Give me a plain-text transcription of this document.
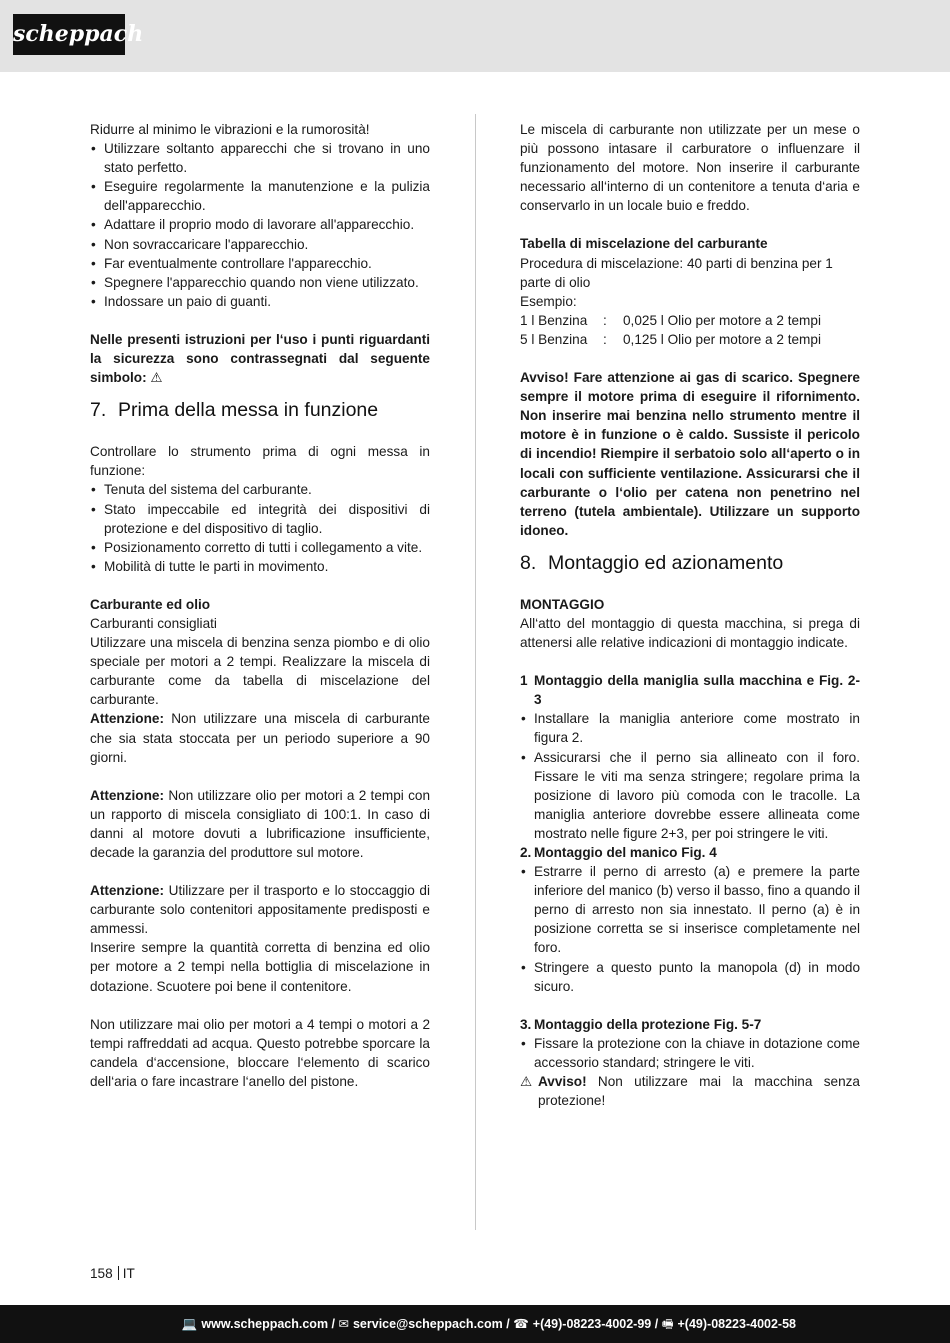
scheppach

Ridurre al minimo le vibrazioni e la rumorosità!

• Utilizzare soltanto apparecchi che si trovano in uno stato perfetto.
• Eseguire regolarmente la manutenzione e la pulizia dell'apparecchio.
• Adattare il proprio modo di lavorare all'apparecchio.
• Non sovraccaricare l'apparecchio.
• Far eventualmente controllare l'apparecchio.
• Spegnere l'apparecchio quando non viene utilizzato.
• Indossare un paio di guanti.

Nelle presenti istruzioni per l‘uso i punti riguardanti la sicurezza sono contrassegnati dal seguente simbolo: ⚠

7. Prima della messa in funzione

Controllare lo strumento prima di ogni messa in funzione:

• Tenuta del sistema del carburante.
• Stato impeccabile ed integrità dei dispositivi di protezione e del dispositivo di taglio.
• Posizionamento corretto di tutti i collegamento a vite.
• Mobilità di tutte le parti in movimento.

Carburante ed olio

Carburanti consigliati

Utilizzare una miscela di benzina senza piombo e di olio speciale per motori a 2 tempi. Realizzare la miscela di carburante come da tabella di miscelazione del carburante.

Attenzione: Non utilizzare una miscela di carburante che sia stata stoccata per un periodo superiore a 90 giorni.

Attenzione: Non utilizzare olio per motori a 2 tempi con un rapporto di miscela consigliato di 100:1. In caso di danni al motore dovuti a lubrificazione insufficiente, decade la garanzia del produttore sul motore.

Attenzione: Utilizzare per il trasporto e lo stoccaggio di carburante solo contenitori appositamente predisposti e ammessi.

Inserire sempre la quantità corretta di benzina ed olio per motore a 2 tempi nella bottiglia di miscelazione in dotazione. Scuotere poi bene il contenitore.

Non utilizzare mai olio per motori a 4 tempi o motori a 2 tempi raffreddati ad acqua. Questo potrebbe sporcare la candela d‘accensione, bloccare l‘elemento di scarico dell‘aria o fare incastrare l‘anello del pistone.

Le miscela di carburante non utilizzate per un mese o più possono intasare il carburatore o influenzare il funzionamento del motore. Non inserire il carburante necessario all‘interno di un contenitore a tenuta d‘aria e conservarlo in un locale buio e freddo.

Tabella di miscelazione del carburante

Procedura di miscelazione: 40 parti di benzina per 1 parte di olio

Esempio:

1 l Benzina	:	0,025 l Olio per motore a 2 tempi
5 l Benzina	:	0,125 l Olio per motore a 2 tempi

Avviso! Fare attenzione ai gas di scarico. Spegnere sempre il motore prima di eseguire il rifornimento. Non inserire mai benzina nello strumento mentre il motore è in funzione o è caldo. Sussiste il pericolo di incendio! Riempire il serbatoio solo all‘aperto o in locali con sufficiente ventilazione. Assicurarsi che il carburante o l‘olio per catena non penetrino nel terreno (tutela ambientale). Utilizzare un supporto idoneo.

8. Montaggio ed azionamento

MONTAGGIO

All‘atto del montaggio di questa macchina, si prega di attenersi alle relative indicazioni di montaggio indicate.

1 Montaggio della maniglia sulla macchina e Fig. 2-3

• Installare la maniglia anteriore come mostrato in figura 2.
• Assicurarsi che il perno sia allineato con il foro. Fissare le viti ma senza stringere; regolare prima la posizione di lavoro più comoda con le tracolle. La maniglia anteriore dovrebbe essere allineata come mostrato nelle figure 2+3, per poi stringere le viti.

2. Montaggio del manico Fig. 4

• Estrarre il perno di arresto (a) e premere la parte inferiore del manico (b) verso il basso, fino a quando il perno di arresto non sia innestato. Il perno (a) è in posizione corretta se si inserisce completamente nel foro.
• Stringere a questo punto la manopola (d) in modo sicuro.

3. Montaggio della protezione Fig. 5-7

• Fissare la protezione con la chiave in dotazione come accessorio standard; stringere le viti.

⚠ Avviso! Non utilizzare mai la macchina senza protezione!

158 IT
💻 www.scheppach.com / ✉ service@scheppach.com / ☎ +(49)-08223-4002-99 / 🖷 +(49)-08223-4002-58
